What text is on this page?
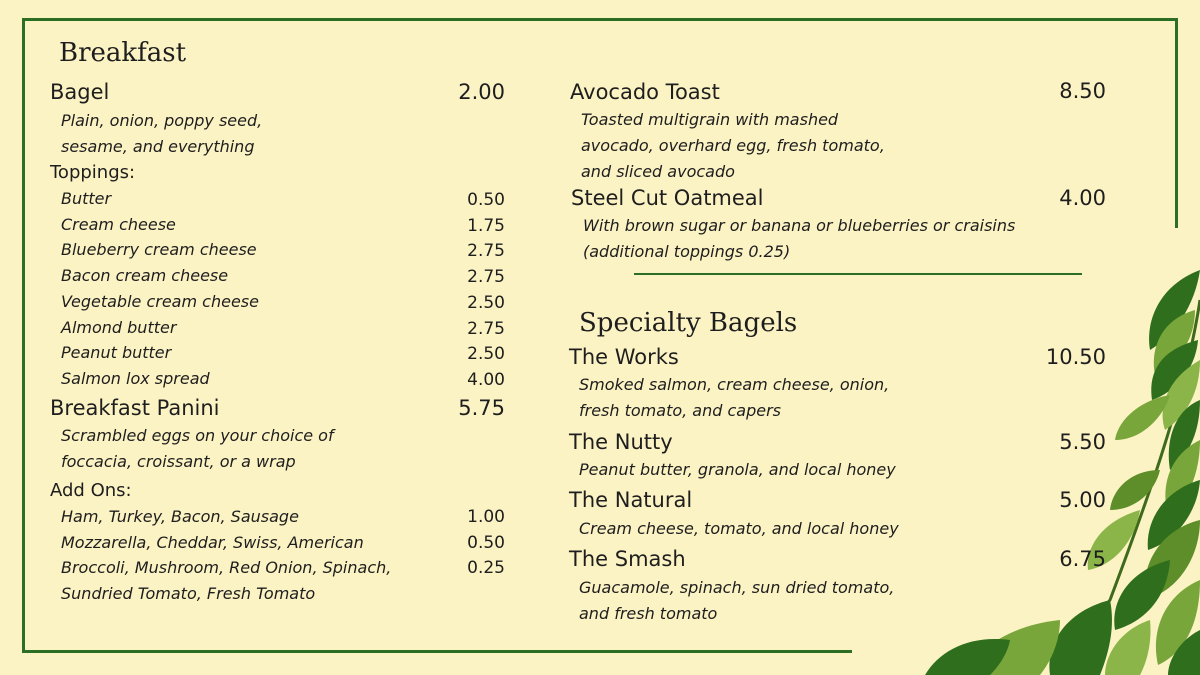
Breakfast
Bagel	2.00
Plain, onion, poppy seed,
sesame, and everything
Toppings:
Butter	0.50
Cream cheese	1.75
Blueberry cream cheese	2.75
Bacon cream cheese	2.75
Vegetable cream cheese	2.50
Almond butter	2.75
Peanut butter	2.50
Salmon lox spread	4.00
Breakfast Panini	5.75
Scrambled eggs on your choice of
foccacia, croissant, or a wrap
Add Ons:
Ham, Turkey, Bacon, Sausage	1.00
Mozzarella, Cheddar, Swiss, American	0.50
Broccoli, Mushroom, Red Onion, Spinach,	0.25
Sundried Tomato, Fresh Tomato
Avocado Toast	8.50
Toasted multigrain with mashed
avocado, overhard egg, fresh tomato,
and sliced avocado
Steel Cut Oatmeal	4.00
With brown sugar or banana or blueberries or craisins
(additional toppings 0.25)
Specialty Bagels
The Works	10.50
Smoked salmon, cream cheese, onion,
fresh tomato, and capers
The Nutty	5.50
Peanut butter, granola, and local honey
The Natural	5.00
Cream cheese, tomato, and local honey
The Smash	6.75
Guacamole, spinach, sun dried tomato,
and fresh tomato
